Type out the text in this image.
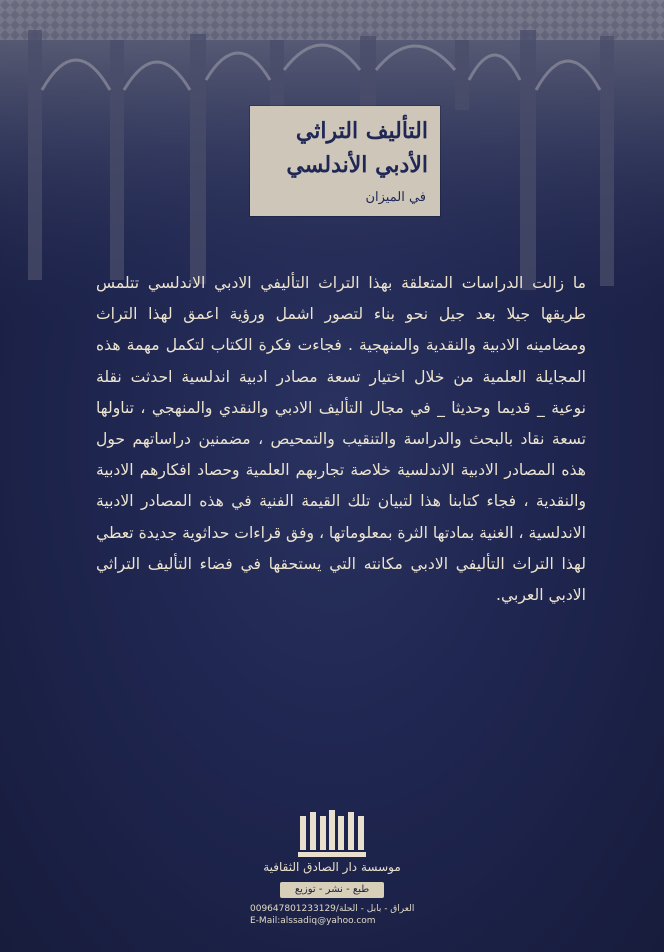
التأليف التراثي
الأدبي الأندلسي
في الميزان
ما زالت الدراسات المتعلقة بهذا التراث التأليفي الادبي الاندلسي تتلمس طريقها جيلا بعد جيل نحو بناء لتصور اشمل ورؤية اعمق لهذا التراث ومضامينه الادبية والنقدية والمنهجية . فجاءت فكرة الكتاب لتكمل مهمة هذه المجايلة العلمية من خلال اختيار تسعة مصادر ادبية اندلسية احدثت نقلة نوعية _ قديما وحديثا _ في مجال التأليف الادبي والنقدي والمنهجي ، تناولها تسعة نقاد بالبحث والدراسة والتنقيب والتمحيص ، مضمنين دراساتهم حول هذه المصادر الادبية الاندلسية خلاصة تجاربهم العلمية وحصاد افكارهم الادبية والنقدية ، فجاء كتابنا هذا لتبيان تلك القيمة الفنية في هذه المصادر الادبية الاندلسية ، الغنية بمادتها الثرة بمعلوماتها ، وفق قراءات حداثوية جديدة تعطي لهذا التراث التأليفي الادبي مكانته التي يستحقها في فضاء التأليف التراثي الادبي العربي.
موسسة دار الصادق الثقافية
طبع - نشر - توزيع
العراق - بابل - الحلة/009647801233129
E-Mail:alssadiq@yahoo.com
